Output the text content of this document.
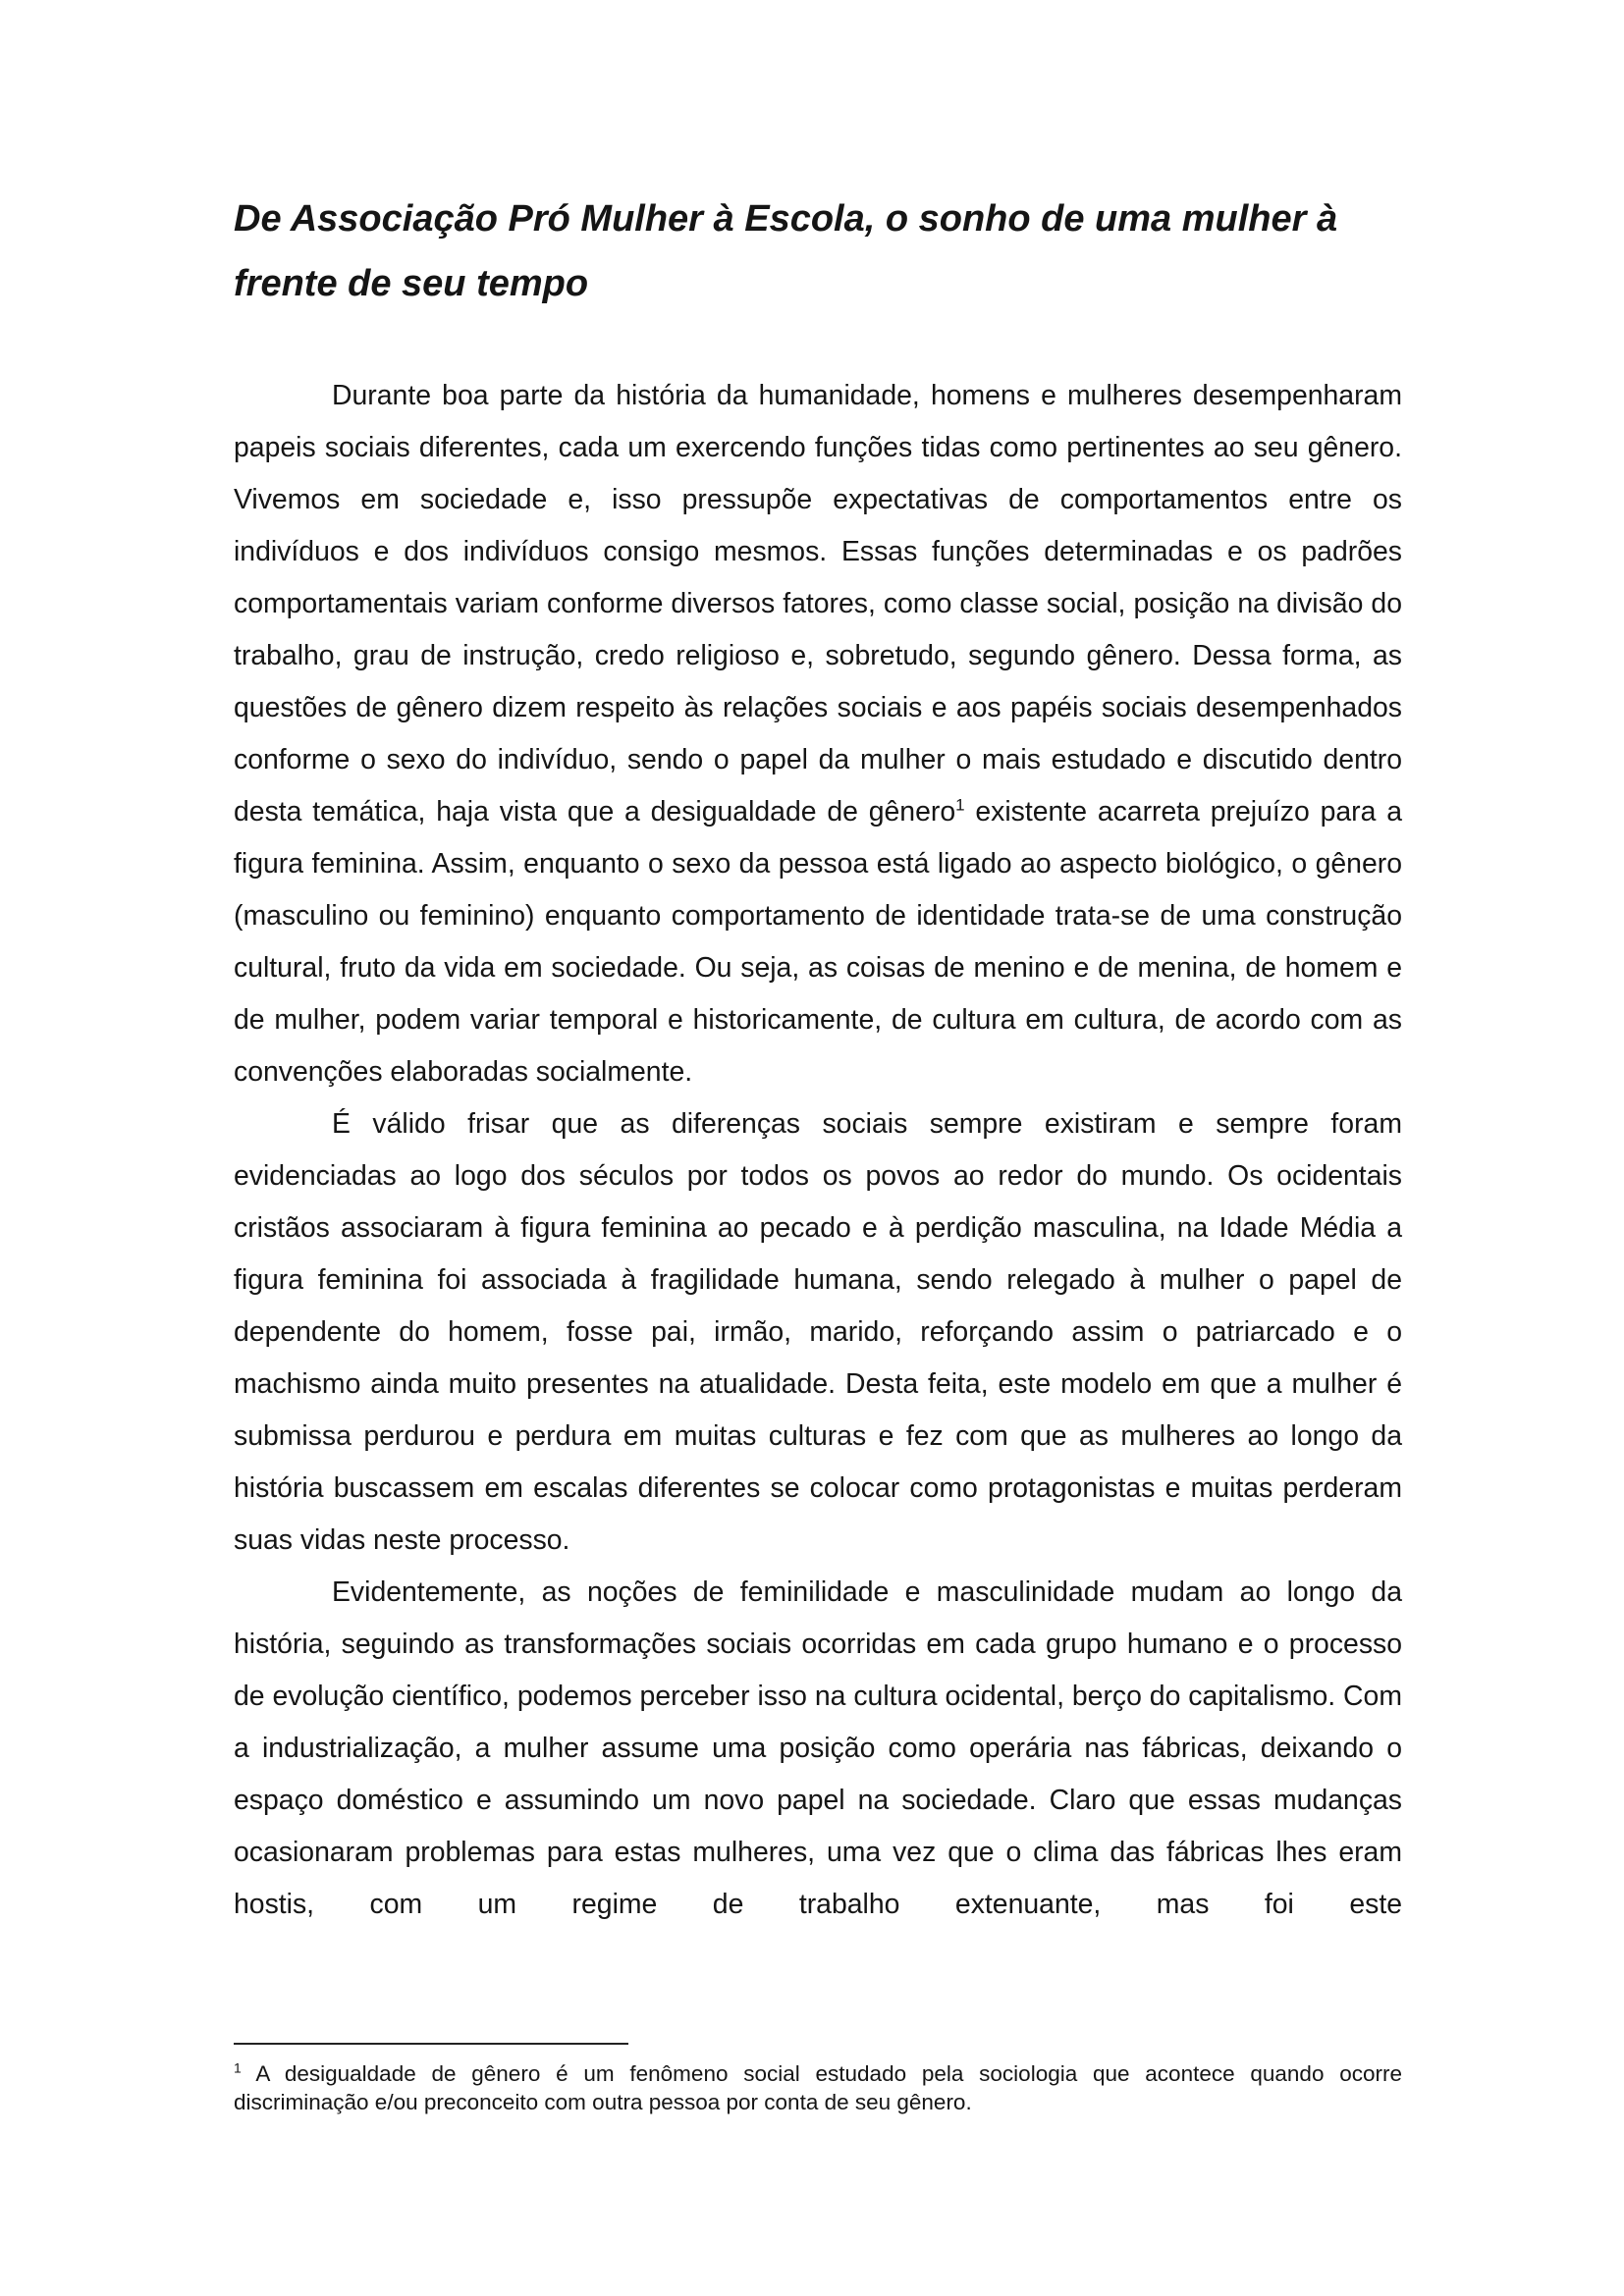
De Associação Pró Mulher à Escola, o sonho de uma mulher à frente de seu tempo

Durante boa parte da história da humanidade, homens e mulheres desempenharam papeis sociais diferentes, cada um exercendo funções tidas como pertinentes ao seu gênero. Vivemos em sociedade e, isso pressupõe expectativas de comportamentos entre os indivíduos e dos indivíduos consigo mesmos. Essas funções determinadas e os padrões comportamentais variam conforme diversos fatores, como classe social, posição na divisão do trabalho, grau de instrução, credo religioso e, sobretudo, segundo gênero. Dessa forma, as questões de gênero dizem respeito às relações sociais e aos papéis sociais desempenhados conforme o sexo do indivíduo, sendo o papel da mulher o mais estudado e discutido dentro desta temática, haja vista que a desigualdade de gênero$^1$ existente acarreta prejuízo para a figura feminina. Assim, enquanto o sexo da pessoa está ligado ao aspecto biológico, o gênero (masculino ou feminino) enquanto comportamento de identidade trata-se de uma construção cultural, fruto da vida em sociedade. Ou seja, as coisas de menino e de menina, de homem e de mulher, podem variar temporal e historicamente, de cultura em cultura, de acordo com as convenções elaboradas socialmente.

É válido frisar que as diferenças sociais sempre existiram e sempre foram evidenciadas ao logo dos séculos por todos os povos ao redor do mundo. Os ocidentais cristãos associaram à figura feminina ao pecado e à perdição masculina, na Idade Média a figura feminina foi associada à fragilidade humana, sendo relegado à mulher o papel de dependente do homem, fosse pai, irmão, marido, reforçando assim o patriarcado e o machismo ainda muito presentes na atualidade. Desta feita, este modelo em que a mulher é submissa perdurou e perdura em muitas culturas e fez com que as mulheres ao longo da história buscassem em escalas diferentes se colocar como protagonistas e muitas perderam suas vidas neste processo.

Evidentemente, as noções de feminilidade e masculinidade mudam ao longo da história, seguindo as transformações sociais ocorridas em cada grupo humano e o processo de evolução científico, podemos perceber isso na cultura ocidental, berço do capitalismo. Com a industrialização, a mulher assume uma posição como operária nas fábricas, deixando o espaço doméstico e assumindo um novo papel na sociedade. Claro que essas mudanças ocasionaram problemas para estas mulheres, uma vez que o clima das fábricas lhes eram hostis, com um regime de trabalho extenuante, mas foi este

$^1$ A desigualdade de gênero é um fenômeno social estudado pela sociologia que acontece quando ocorre discriminação e/ou preconceito com outra pessoa por conta de seu gênero.
